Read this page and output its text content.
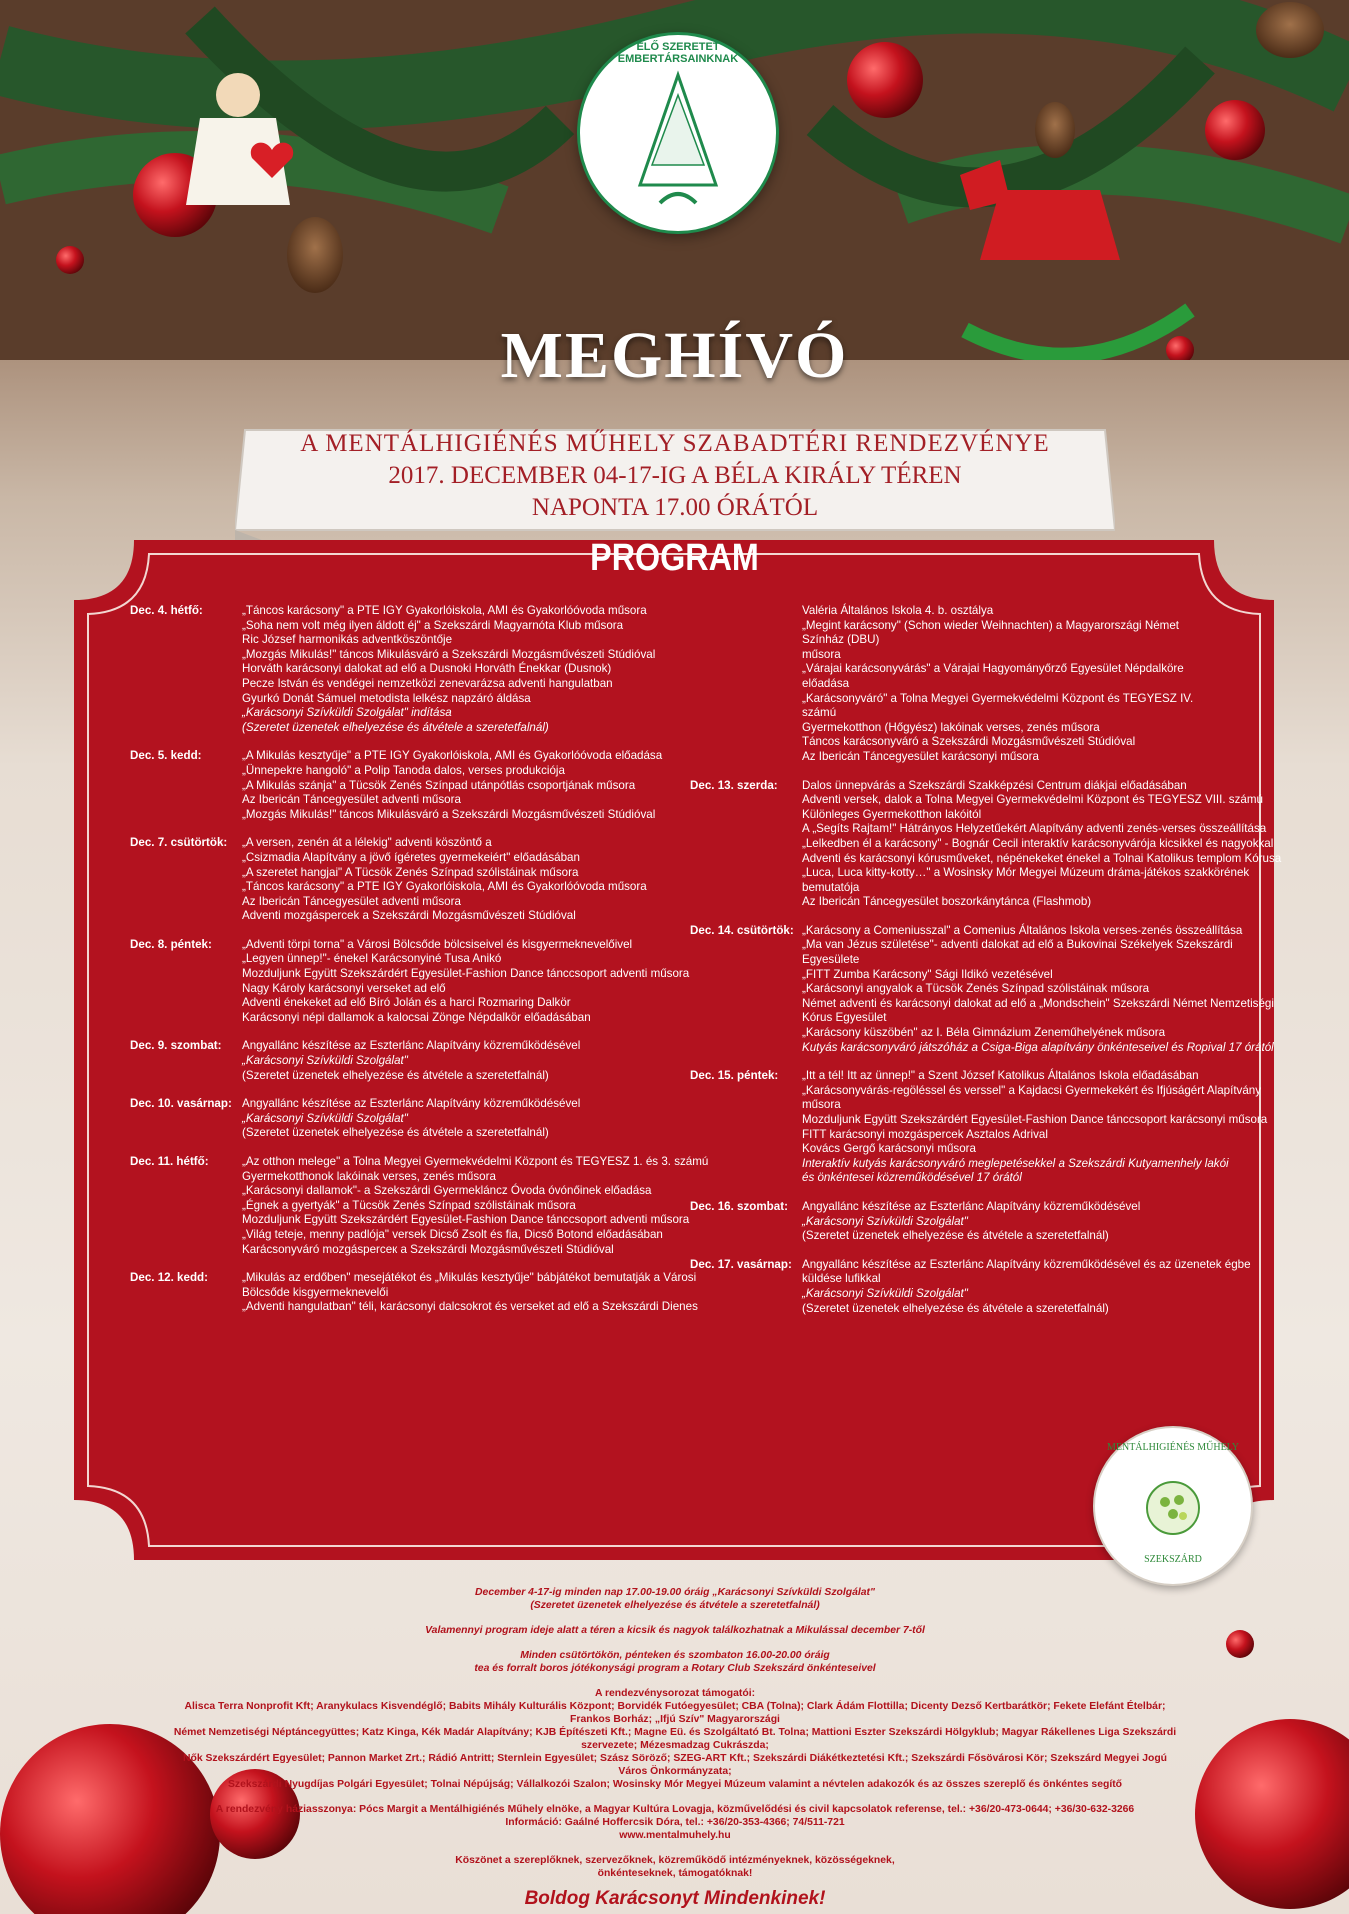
ÉLŐ SZERETET EMBERTÁRSAINKNAK
MEGHÍVÓ
A MENTÁLHIGIÉNÉS MŰHELY SZABADTÉRI RENDEZVÉNYE
2017. DECEMBER 04-17-IG A BÉLA KIRÁLY TÉREN
NAPONTA 17.00 ÓRÁTÓL
PROGRAM
Dec. 4. hétfő:	„Táncos karácsony" a PTE IGY Gyakorlóiskola, AMI és Gyakorlóóvoda műsora
„Soha nem volt még ilyen áldott éj" a Szekszárdi Magyarnóta Klub műsora
Ric József harmonikás adventköszöntője
„Mozgás Mikulás!" táncos Mikulásváró a Szekszárdi Mozgásművészeti Stúdióval
Horváth karácsonyi dalokat ad elő a Dusnoki Horváth Énekkar (Dusnok)
Pecze István és vendégei nemzetközi zenevarázsa adventi hangulatban
Gyurkó Donát Sámuel metodista lelkész napzáró áldása
„Karácsonyi Szívküldi Szolgálat" indítása
(Szeretet üzenetek elhelyezése és átvétele a szeretetfalnál)
Dec. 5. kedd:	„A Mikulás kesztyűje" a PTE IGY Gyakorlóiskola, AMI és Gyakorlóóvoda előadása
„Ünnepekre hangoló" a Polip Tanoda dalos, verses produkciója
„A Mikulás szánja" a Tücsök Zenés Színpad utánpótlás csoportjának műsora
Az Ibericán Táncegyesület adventi műsora
„Mozgás Mikulás!" táncos Mikulásváró a Szekszárdi Mozgásművészeti Stúdióval
Dec. 7. csütörtök:	„A versen, zenén át a lélekig" adventi köszöntő a
„Csizmadia Alapítvány a jövő ígéretes gyermekeiért" előadásában
„A szeretet hangjai" A Tücsök Zenés Színpad szólistáinak műsora
„Táncos karácsony" a PTE IGY Gyakorlóiskola, AMI és Gyakorlóóvoda műsora
Az Ibericán Táncegyesület adventi műsora
Adventi mozgáspercek a Szekszárdi Mozgásművészeti Stúdióval
Dec. 8. péntek:	„Adventi törpi torna" a Városi Bölcsőde bölcsiseivel és kisgyermeknevelőivel
„Legyen ünnep!"- énekel Karácsonyiné Tusa Anikó
Mozduljunk Együtt Szekszárdért Egyesület-Fashion Dance tánccsoport adventi műsora
Nagy Károly karácsonyi verseket ad elő
Adventi énekeket ad elő Bíró Jolán és a harci Rozmaring Dalkör
Karácsonyi népi dallamok a kalocsai Zönge Népdalkör előadásában
Dec. 9. szombat:	Angyallánc készítése az Eszterlánc Alapítvány közreműködésével
„Karácsonyi Szívküldi Szolgálat"
(Szeretet üzenetek elhelyezése és átvétele a szeretetfalnál)
Dec. 10. vasárnap: Angyallánc készítése az Eszterlánc Alapítvány közreműködésével
„Karácsonyi Szívküldi Szolgálat"
(Szeretet üzenetek elhelyezése és átvétele a szeretetfalnál)
Dec. 11. hétfő:	„Az otthon melege" a Tolna Megyei Gyermekvédelmi Központ és TEGYESZ 1. és 3. számú
Gyermekotthonok lakóinak verses, zenés műsora
„Karácsonyi dallamok"- a Szekszárdi Gyermekláncz Óvoda óvónőinek előadása
„Égnek a gyertyák" a Tücsök Zenés Színpad szólistáinak műsora
Mozduljunk Együtt Szekszárdért Egyesület-Fashion Dance tánccsoport adventi műsora
„Világ teteje, menny padlója" versek Dicső Zsolt és fia, Dicső Botond előadásában
Karácsonyváró mozgásperceк a Szekszárdi Mozgásművészeti Stúdióval
Dec. 12. kedd:	„Mikulás az erdőben" mesejátékot és „Mikulás kesztyűje" bábjátékot bemutatják a Városi
Bölcsőde kisgyermeknevelői
„Adventi hangulatban" téli, karácsonyi dalcsokrot és verseket ad elő a Szekszárdi Dienes
Valéria Általános Iskola 4. b. osztálya
„Megint karácsony" (Schon wieder Weihnachten) a Magyarországi Német Színház (DBU)
műsora
„Várajai karácsonyvárás" a Várajai Hagyományőrző Egyesület Népdalköre előadása
„Karácsonyváró" a Tolna Megyei Gyermekvédelmi Központ és TEGYESZ IV. számú
Gyermekotthon (Hőgyész) lakóinak verses, zenés műsora
Táncos karácsonyváró a Szekszárdi Mozgásművészeti Stúdióval
Az Ibericán Táncegyesület karácsonyi műsora
Dec. 13. szerda:	Dalos ünnepvárás a Szekszárdi Szakképzési Centrum diákjai előadásában
Adventi versek, dalok a Tolna Megyei Gyermekvédelmi Központ és TEGYESZ VIII. számú
Különleges Gyermekotthon lakóitól
A „Segíts Rajtam!" Hátrányos Helyzetűekért Alapítvány adventi zenés-verses összeállítása
„Lelkedben él a karácsony" - Bognár Cecil interaktív karácsonyvárója kicsikkel és nagyokkal
Adventi és karácsonyi kórusműveket, népénekeket énekel a Tolnai Katolikus templom Kórusa
„Luca, Luca kitty-kotty…" a Wosinsky Mór Megyei Múzeum dráma-játékos szakkörének
bemutatója
Az Ibericán Táncegyesület boszorkánytánca (Flashmob)
Dec. 14. csütörtök: „Karácsony a Comeniusszal" a Comenius Általános Iskola verses-zenés összeállítása
„Ma van Jézus születése"- adventi dalokat ad elő a Bukovinai Székelyek Szekszárdi
Egyesülete
„FITT Zumba Karácsony" Sági Ildikó vezetésével
„Karácsonyi angyalok a Tücsök Zenés Színpad szólistáinak műsora
Német adventi és karácsonyi dalokat ad elő a „Mondschein" Szekszárdi Német Nemzetiségi
Kórus Egyesület
„Karácsony küszöbén" az I. Béla Gimnázium Zeneműhelyének műsora
Kutyás karácsonyváró játszóház a Csiga-Biga alapítvány önkénteseivel és Ropival 17 órától
Dec. 15. péntek:	„Itt a tél! Itt az ünnep!" a Szent József Katolikus Általános Iskola előadásában
„Karácsonyvárás-regöléssel és verssel" a Kajdacsi Gyermekekért és Ifjúságért Alapítvány
műsora
Mozduljunk Együtt Szekszárdért Egyesület-Fashion Dance tánccsoport karácsonyi műsora
FITT karácsonyi mozgáspercek Asztalos Adrival
Kovács Gergő karácsonyi műsora
Interaktív kutyás karácsonyváró meglepetésekkel a Szekszárdi Kutyamenhely lakói
és önkéntesei közreműködésével 17 órától
Dec. 16. szombat:	Angyallánc készítése az Eszterlánc Alapítvány közreműködésével
„Karácsonyi Szívküldi Szolgálat"
(Szeretet üzenetek elhelyezése és átvétele a szeretetfalnál)
Dec. 17. vasárnap: Angyallánc készítése az Eszterlánc Alapítvány közreműködésével és az üzenetek égbe
küldése lufikkal
„Karácsonyi Szívküldi Szolgálat"
(Szeretet üzenetek elhelyezése és átvétele a szeretetfalnál)
MENTÁLHIGIÉNÉS MŰHELY
SZEKSZÁRD

December 4-17-ig minden nap 17.00-19.00 óráig „Karácsonyi Szívküldi Szolgálat"
(Szeretet üzenetek elhelyezése és átvétele a szeretetfalnál)

Valamennyi program ideje alatt a téren a kicsik és nagyok találkozhatnak a Mikulással december 7-től

Minden csütörtökön, pénteken és szombaton 16.00-20.00 óráig
tea és forralt boros jótékonysági program a Rotary Club Szekszárd önkénteseivel

A rendezvénysorozat támogatói:
Alisca Terra Nonprofit Kft; Aranykulacs Kisvendéglő; Babits Mihály Kulturális Központ; Borvidék Futóegyesület; CBA (Tolna); Clark Ádám Flottilla; Dicenty Dezső Kertbarátkör; Fekete Elefánt Ételbár; Frankos Borház; „Ifjú Szív" Magyarországi
Német Nemzetiségi Néptáncegyüttes; Katz Kinga, Kék Madár Alapítvány; KJB Építészeti Kft.; Magne Eü. és Szolgáltató Bt. Tolna; Mattioni Eszter Szekszárdi Hölgyklub; Magyar Rákellenes Liga Szekszárdi szervezete; Mézesmadzag Cukrászda;
Nők Szekszárdért Egyesület; Pannon Market Zrt.; Rádió Antritt; Sternlein Egyesület; Szász Söröző; SZEG-ART Kft.; Szekszárdi Diákétkeztetési Kft.; Szekszárdi Fősövárosi Kör; Szekszárd Megyei Jogú Város Önkormányzata;
Szekszárdi Nyugdíjas Polgári Egyesület; Tolnai Népújság; Vállalkozói Szalon; Wosinsky Mór Megyei Múzeum valamint a névtelen adakozók és az összes szereplő és önkéntes segítő

A rendezvény háziasszonya: Pócs Margit a Mentálhigiénés Műhely elnöke, a Magyar Kultúra Lovagja, közművelődési és civil kapcsolatok referense, tel.: +36/20-473-0644; +36/30-632-3266
Információ: Gaálné Hoffercsik Dóra, tel.: +36/20-353-4366; 74/511-721
www.mentalmuhely.hu

Köszönet a szereplőknek, szervezőknek, közreműködő intézményeknek, közösségeknek,
önkénteseknek, támogatóknak!

Boldog Karácsonyt Mindenkinek!
